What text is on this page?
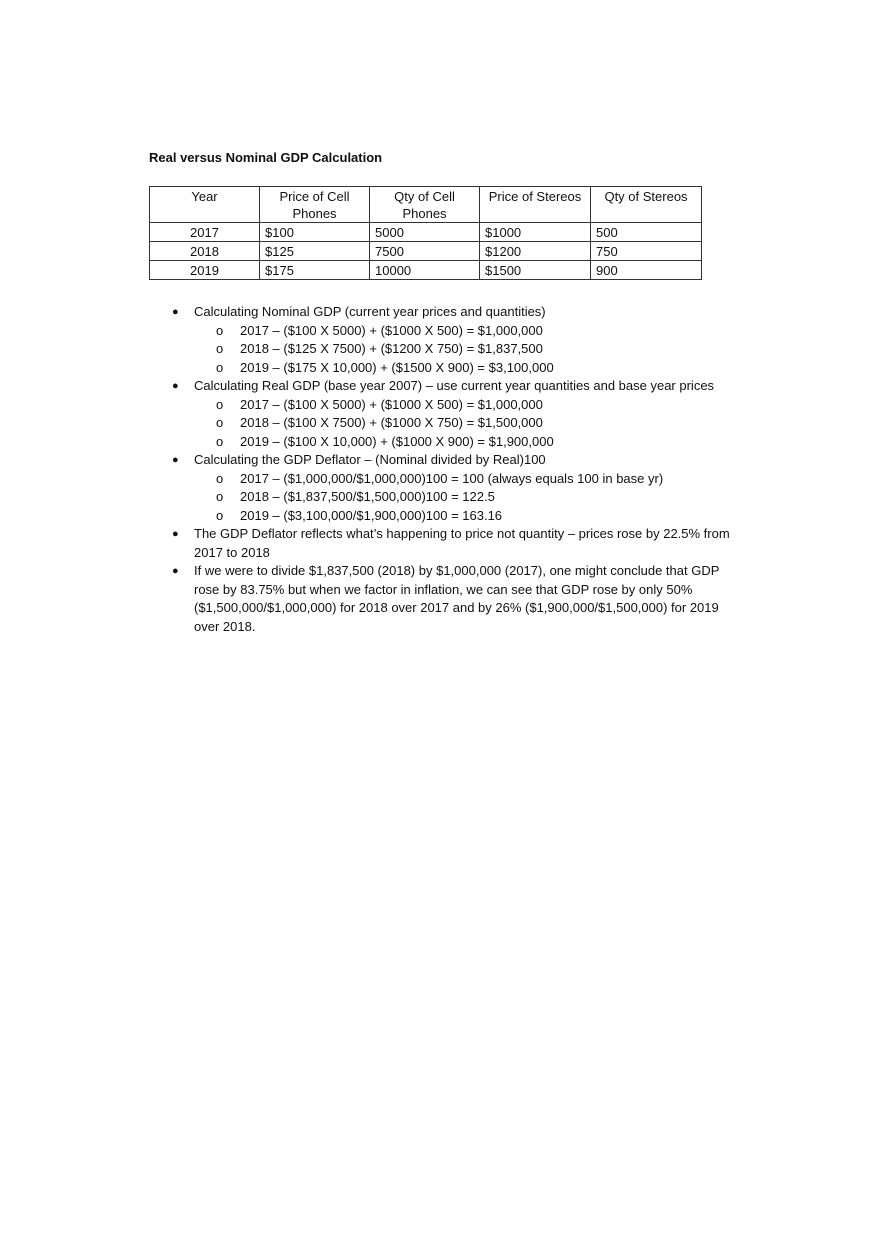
Real versus Nominal GDP Calculation
Year	Price of Cell Phones	Qty of Cell Phones	Price of Stereos	Qty of Stereos
2017	$100	5000	$1000	500
2018	$125	7500	$1200	750
2019	$175	10000	$1500	900
● Calculating Nominal GDP (current year prices and quantities)
o 2017 – ($100 X 5000) + ($1000 X 500) = $1,000,000
o 2018 – ($125 X 7500) + ($1200 X 750) = $1,837,500
o 2019 – ($175 X 10,000) + ($1500 X 900) = $3,100,000
● Calculating Real GDP (base year 2007) – use current year quantities and base year prices
o 2017 – ($100 X 5000) + ($1000 X 500) = $1,000,000
o 2018 – ($100 X 7500) + ($1000 X 750) = $1,500,000
o 2019 – ($100 X 10,000) + ($1000 X 900) = $1,900,000
● Calculating the GDP Deflator – (Nominal divided by Real)100
o 2017 – ($1,000,000/$1,000,000)100 = 100 (always equals 100 in base yr)
o 2018 – ($1,837,500/$1,500,000)100 = 122.5
o 2019 – ($3,100,000/$1,900,000)100 = 163.16
● The GDP Deflator reflects what’s happening to price not quantity – prices rose by 22.5% from 2017 to 2018
● If we were to divide $1,837,500 (2018) by $1,000,000 (2017), one might conclude that GDP rose by 83.75% but when we factor in inflation, we can see that GDP rose by only 50% ($1,500,000/$1,000,000) for 2018 over 2017 and by 26% ($1,900,000/$1,500,000) for 2019 over 2018.
